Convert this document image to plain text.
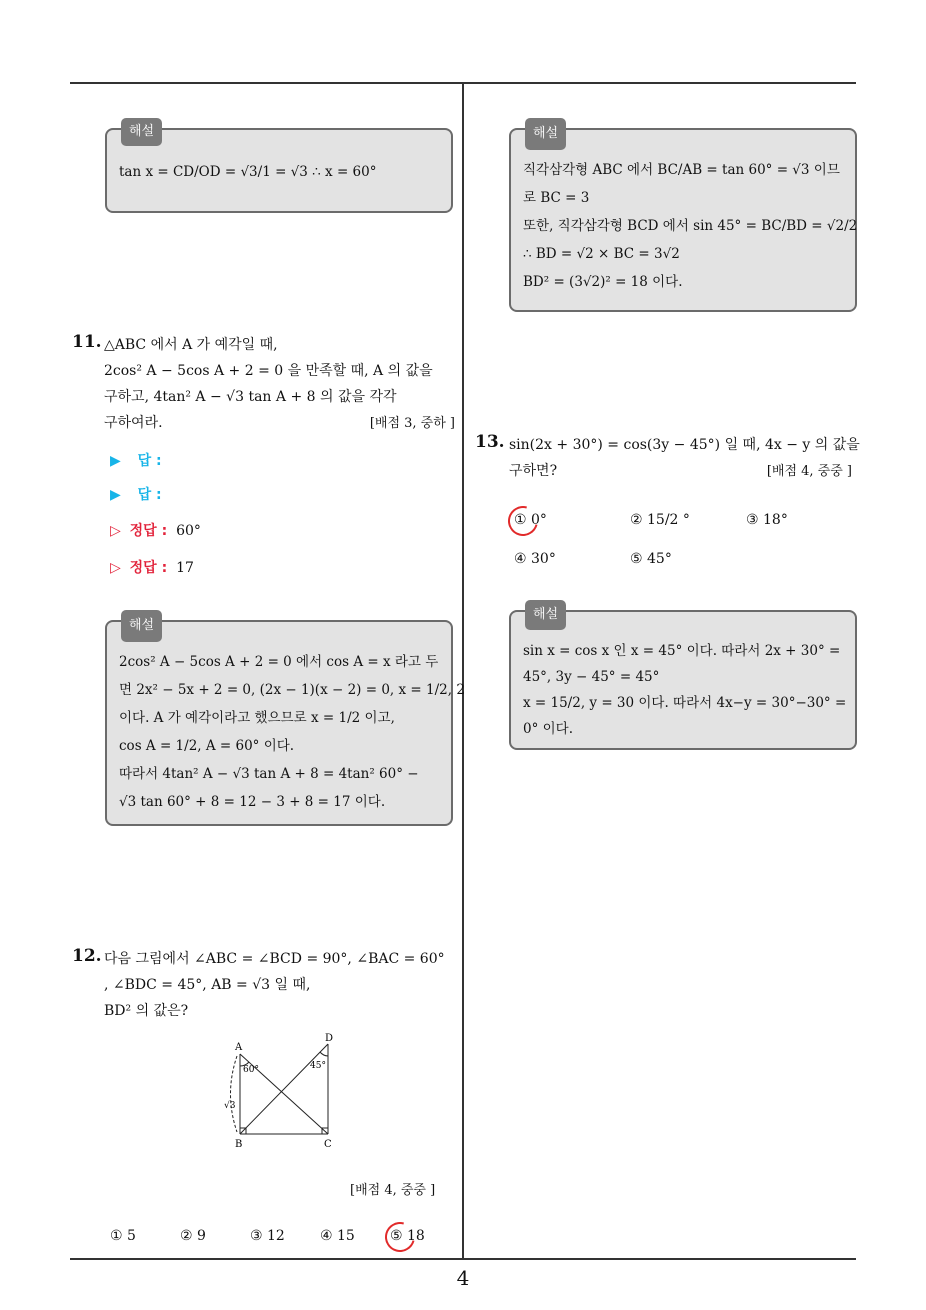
4
해설
tan x = CD/OD = √3/1 = √3 ∴ x = 60°
11. △ABC 에서 A 가 예각일 때,
2cos² A − 5cos A + 2 = 0 을 만족할 때, A 의 값을
구하고, 4tan² A − √3 tan A + 8 의 값을 각각
구하여라.	[배점 3, 중하 ]
▶ 답 :
▶ 답 :
▷ 정답 : 60°
▷ 정답 : 17
해설
2cos² A − 5cos A + 2 = 0 에서 cos A = x 라고 두
면 2x² − 5x + 2 = 0, (2x − 1)(x − 2) = 0, x = 1/2, 2
이다. A 가 예각이라고 했으므로 x = 1/2 이고,
cos A = 1/2, A = 60° 이다.
따라서 4tan² A − √3 tan A + 8 = 4tan² 60° −
√3 tan 60° + 8 = 12 − 3 + 8 = 17 이다.
12. 다음 그림에서 ∠ABC = ∠BCD = 90°, ∠BAC = 60°
, ∠BDC = 45°, AB = √3 일 때,
BD² 의 값은?
A
B	C
D
60°	45°
√3
[배점 4, 중중 ]
① 5	② 9	③ 12	④ 15	⑤ 18
해설
직각삼각형 ABC 에서 BC/AB = tan 60° = √3 이므
로 BC = 3
또한, 직각삼각형 BCD 에서 sin 45° = BC/BD = √2/2
∴ BD = √2 × BC = 3√2
BD² = (3√2)² = 18 이다.
13. sin(2x + 30°) = cos(3y − 45°) 일 때, 4x − y 의 값을
구하면?	[배점 4, 중중 ]
① 0°	② 15/2 °	③ 18°
④ 30°	⑤ 45°
해설
sin x = cos x 인 x = 45° 이다. 따라서 2x + 30° =
45°, 3y − 45° = 45°
x = 15/2, y = 30 이다. 따라서 4x−y = 30°−30° =
0° 이다.
